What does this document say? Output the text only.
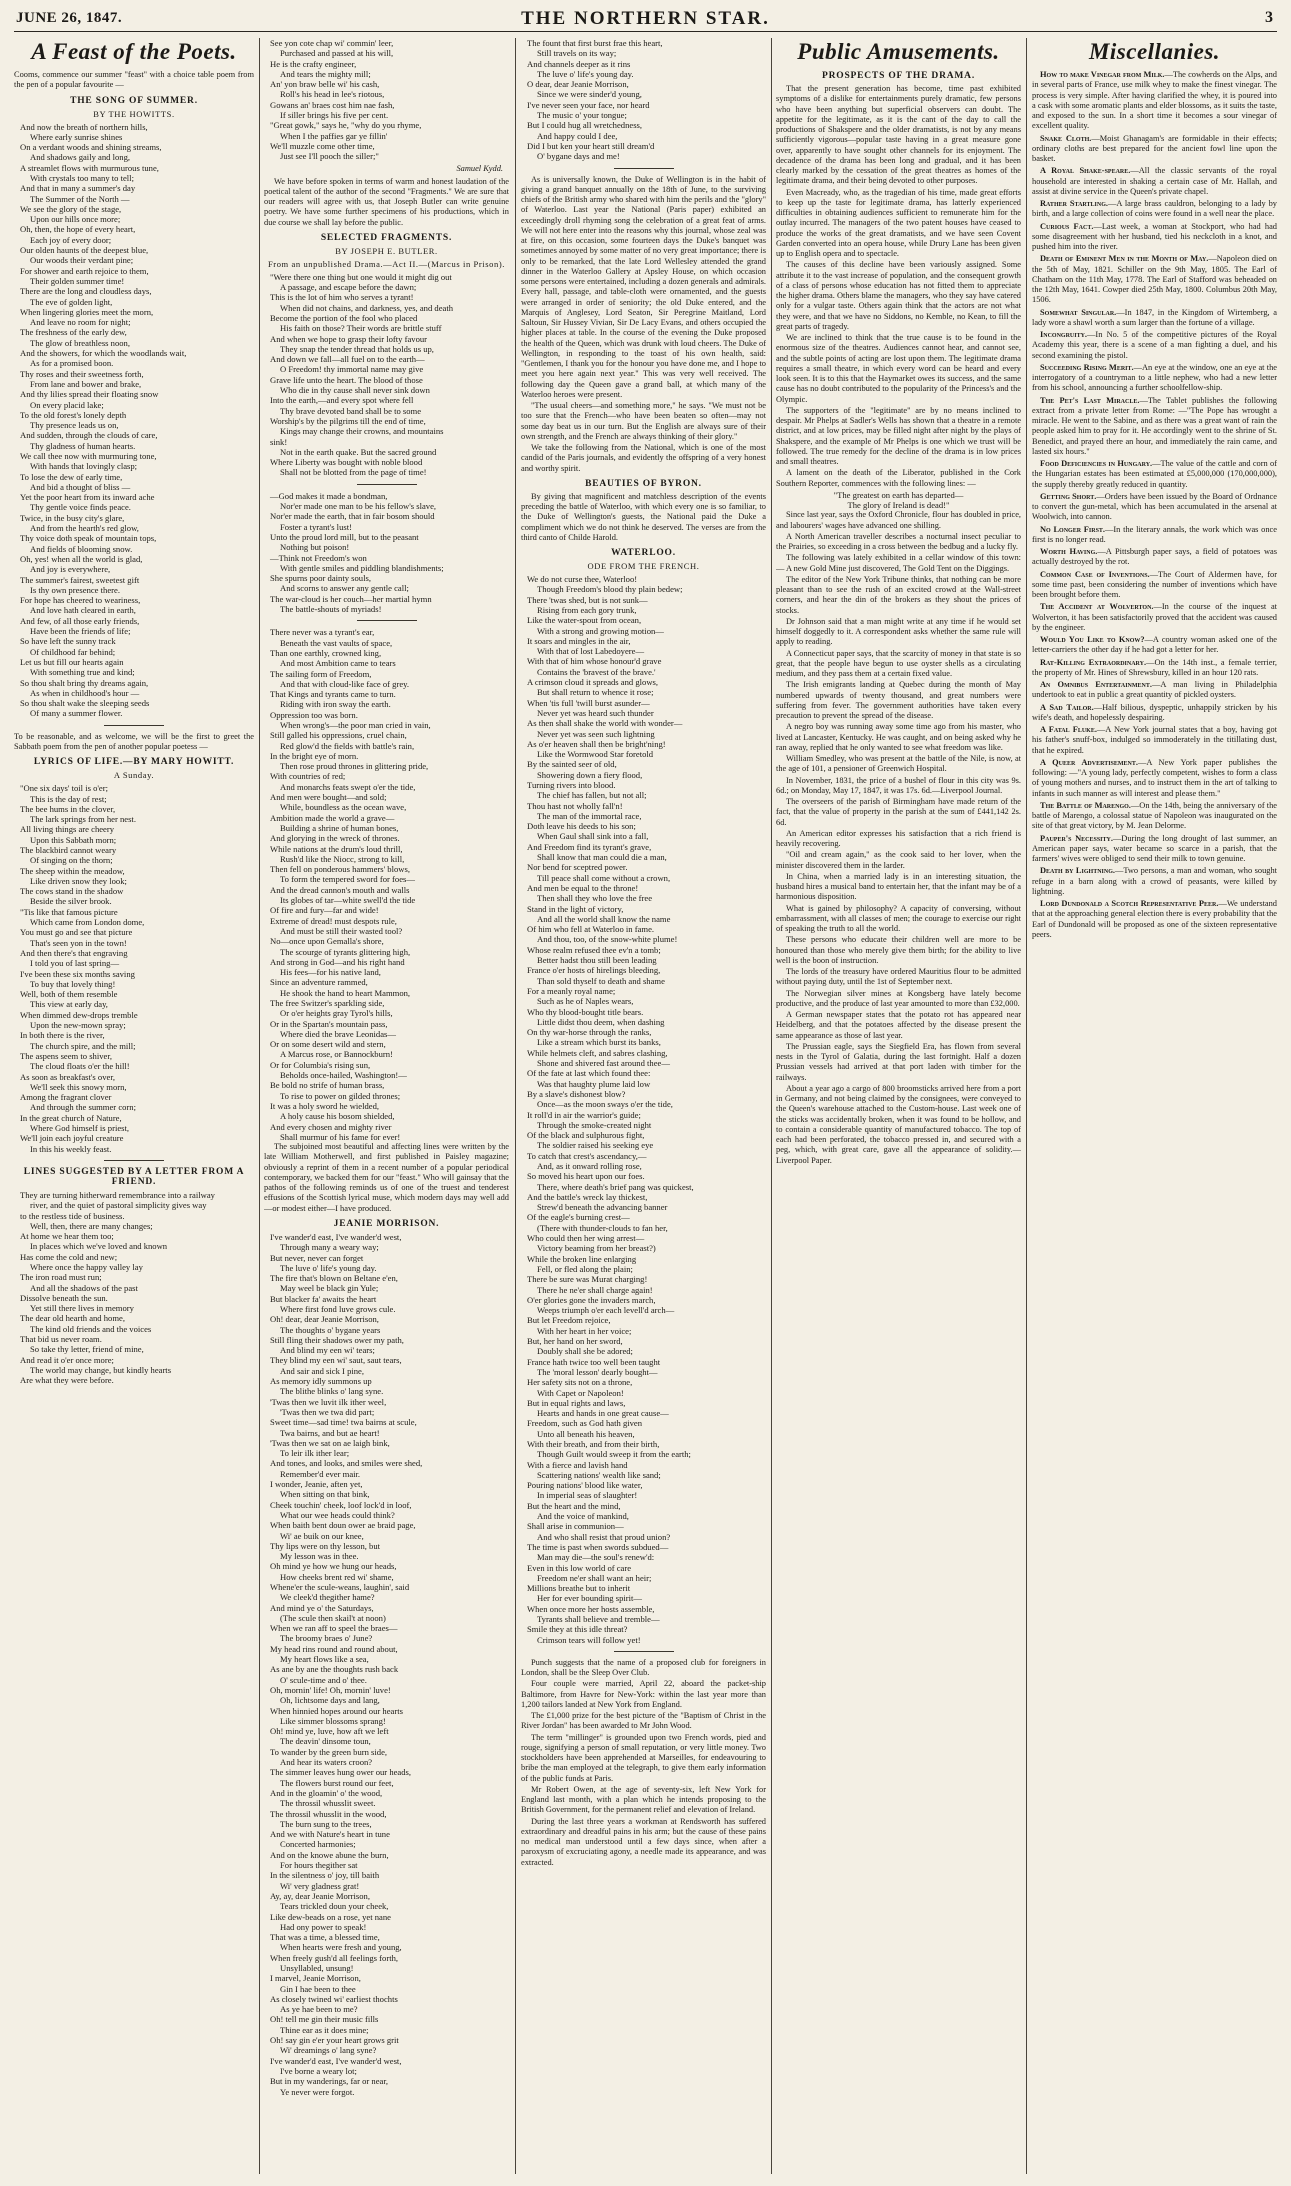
JUNE 26, 1847.	THE NORTHERN STAR.	3
A Feast of the Poets.
Cooms, commence our summer "feast" with a choice table poem from the pen of a popular favourite —
THE SONG OF SUMMER.
BY THE HOWITTS.

And now the breath of northern hills,

Where early sunrise shines

On a verdant woods and shining streams,

And shadows gaily and long,

A streamlet flows with murmurous tune,

With crystals too many to tell;

And that in many a summer's day

The Summer of the North —

We see the glory of the stage,

Upon our hills once more;

Oh, then, the hope of every heart,

Each joy of every door;

Our olden haunts of the deepest blue,

Our woods their verdant pine;

For shower and earth rejoice to them,

Their golden summer time!

There are the long and cloudless days,

The eve of golden light,

When lingering glories meet the morn,

And leave no room for night;

The freshness of the early dew,

The glow of breathless noon,

And the showers, for which the woodlands wait,

As for a promised boon.

Thy roses and their sweetness forth,

From lane and bower and brake,

And thy lilies spread their floating snow

On every placid lake;

To the old forest's lonely depth

Thy presence leads us on,

And sudden, through the clouds of care,

Thy gladness of human hearts.

We call thee now with murmuring tone,

With hands that lovingly clasp;

To lose the dew of early time,

And bid a thought of bliss —

Yet the poor heart from its inward ache

Thy gentle voice finds peace.

Twice, in the busy city's glare,

And from the hearth's red glow,

Thy voice doth speak of mountain tops,

And fields of blooming snow.

Oh, yes! when all the world is glad,

And joy is everywhere,

The summer's fairest, sweetest gift

Is thy own presence there.

For hope has cheered to weariness,

And love hath cleared in earth,

And few, of all those early friends,

Have been the friends of life;

So have left the sunny track

Of childhood far behind;

Let us but fill our hearts again

With something true and kind;

So thou shalt bring thy dreams again,

As when in childhood's hour —

So thou shalt wake the sleeping seeds

Of many a summer flower.

To be reasonable, and as welcome, we will be the first to greet the Sabbath poem from the pen of another popular poetess —
LYRICS OF LIFE.—BY MARY HOWITT.
A Sunday.

"One six days' toil is o'er;

This is the day of rest;

The bee hums in the clover,

The lark springs from her nest.

All living things are cheery

Upon this Sabbath morn;

The blackbird cannot weary

Of singing on the thorn;

The sheep within the meadow,

Like driven snow they look;

The cows stand in the shadow

Beside the silver brook.

"Tis like that famous picture

Which came from London dome,

You must go and see that picture

That's seen yon in the town!

And then there's that engraving

I told you of last spring—

I've been these six months saving

To buy that lovely thing!

Well, both of them resemble

This view at early day,

When dimmed dew-drops tremble

Upon the new-mown spray;

In both there is the river,

The church spire, and the mill;

The aspens seem to shiver,

The cloud floats o'er the hill!

As soon as breakfast's over,

We'll seek this snowy morn,

Among the fragrant clover

And through the summer corn;

In the great church of Nature,

Where God himself is priest,

We'll join each joyful creature

In this his weekly feast.

LINES SUGGESTED BY A LETTER FROM A FRIEND.

They are turning hitherward remembrance into a railway

river, and the quiet of pastoral simplicity gives way

to the restless tide of business.

Well, then, there are many changes;

At home we hear them too;

In places which we've loved and known

Has come the cold and new;

Where once the happy valley lay

The iron road must run;

And all the shadows of the past

Dissolve beneath the sun.

Yet still there lives in memory

The dear old hearth and home,

The kind old friends and the voices

That bid us never roam.

So take thy letter, friend of mine,

And read it o'er once more;

The world may change, but kindly hearts

Are what they were before.

See yon cote chap wi' commin' leer,

Purchased and passed at his will,

He is the crafty engineer,

And tears the mighty mill;

An' yon braw belle wi' his cash,

Roll's his head in lee's riotous,

Gowans an' braes cost him nae fash,

If siller brings his five per cent.

"Great gowk," says he, "why do you rhyme,

When I the paffies gar ye fillin'

We'll muzzle come other time,

Just see I'll pooch the siller;"

Samuel Kydd.

We have before spoken in terms of warm and honest laudation of the poetical talent of the author of the second "Fragments." We are sure that our readers will agree with us, that Joseph Butler can write genuine poetry. We have some further specimens of his productions, which in due course we shall lay before the public.

SELECTED FRAGMENTS.
BY JOSEPH E. BUTLER.
From an unpublished Drama.—Act II.—(Marcus in Prison).

"Were there one thing but one would it might dig out

A passage, and escape before the dawn;

This is the lot of him who serves a tyrant!

When did not chains, and darkness, yes, and death

Become the portion of the fool who placed

His faith on those? Their words are brittle stuff

And when we hope to grasp their lofty favour

They snap the tender thread that holds us up,

And down we fall—all fuel on to the earth—

O Freedom! thy immortal name may give

Grave life unto the heart. The blood of those

Who die in thy cause shall never sink down

Into the earth,—and every spot where fell

Thy brave devoted band shall be to some

Worship's by the pilgrims till the end of time,

Kings may change their crowns, and mountains

sink!

Not in the earth quake. But the sacred ground

Where Liberty was bought with noble blood

Shall not be blotted from the page of time!

—God makes it made a bondman,

Nor'er made one man to be his fellow's slave,

Nor'er made the earth, that in fair bosom should

Foster a tyrant's lust!

Unto the proud lord mill, but to the peasant

Nothing but poison!

—Think not Freedom's won

With gentle smiles and piddling blandishments;

She spurns poor dainty souls,

And scorns to answer any gentle call;

The war-cloud is her couch—her martial hymn

The battle-shouts of myriads!

There never was a tyrant's ear,

Beneath the vast vaults of space,

Than one earthly, crowned king,

And most Ambition came to tears

The sailing form of Freedom,

And that with cloud-like face of grey.

That Kings and tyrants came to turn.

Riding with iron sway the earth.

Oppression too was born.

When wrong's—the poor man cried in vain,

Still galled his oppressions, cruel chain,

Red glow'd the fields with battle's rain,

In the bright eye of morn.

Then rose proud thrones in glittering pride,

With countries of red;

And monarchs feats swept o'er the tide,

And men were bought—and sold;

While, boundless as the ocean wave,

Ambition made the world a grave—

Building a shrine of human bones,

And glorying in the wreck of thrones.

While nations at the drum's loud thrill,

Rush'd like the Niocc, strong to kill,

Then fell on ponderous hammers' blows,

To form the tempered sword for foes—

And the dread cannon's mouth and walls

Its globes of tar—white swell'd the tide

Of fire and fury—far and wide!

Extreme of dread! must despots rule,

And must be still their wasted tool?

No—once upon Gemalla's shore,

The scourge of tyrants glittering high,

And strong in God—and his right hand

His fees—for his native land,

Since an adventure rammed,

He shook the hand to heart Mammon,

The free Switzer's sparkling side,

Or o'er heights gray Tyrol's hills,

Or in the Spartan's mountain pass,

Where died the brave Leonidas—

Or on some desert wild and stern,

A Marcus rose, or Bannockburn!

Or for Columbia's rising sun,

Beholds once-hailed, Washington!—

Be bold no strife of human brass,

To rise to power on gilded thrones;

It was a holy sword he wielded,

A holy cause his bosom shielded,

And every chosen and mighty river

Shall murmur of his fame for ever!

The subjoined most beautiful and affecting lines were written by the late William Motherwell, and first published in Paisley magazine; obviously a reprint of them in a recent number of a popular periodical contemporary, we backed them for our "feast." Who will gainsay that the pathos of the following reminds us of one of the truest and tenderest effusions of the Scottish lyrical muse, which modern days may well add—or modest either—I have produced.

JEANIE MORRISON.

I've wander'd east, I've wander'd west,

Through many a weary way;

But never, never can forget

The luve o' life's young day.

The fire that's blown on Beltane e'en,

May weel be black gin Yule;

But blacker fa' awaits the heart

Where first fond luve grows cule.

Oh! dear, dear Jeanie Morrison,

The thoughts o' bygane years

Still fling their shadows ower my path,

And blind my een wi' tears;

They blind my een wi' saut, saut tears,

And sair and sick I pine,

As memory idly summons up

The blithe blinks o' lang syne.

'Twas then we luvit ilk ither weel,

'Twas then we twa did part;

Sweet time—sad time! twa bairns at scule,

Twa bairns, and but ae heart!

'Twas then we sat on ae laigh bink,

To leir ilk ither lear;

And tones, and looks, and smiles were shed,

Remember'd ever mair.

I wonder, Jeanie, aften yet,

When sitting on that bink,

Cheek touchin' cheek, loof lock'd in loof,

What our wee heads could think?

When baith bent doun ower ae braid page,

Wi' ae buik on our knee,

Thy lips were on thy lesson, but

My lesson was in thee.

Oh mind ye how we hung our heads,

How cheeks brent red wi' shame,

Whene'er the scule-weans, laughin', said

We cleek'd thegither hame?

And mind ye o' the Saturdays,

(The scule then skail't at noon)

When we ran aff to speel the braes—

The broomy braes o' June?

My head rins round and round about,

My heart flows like a sea,

As ane by ane the thoughts rush back

O' scule-time and o' thee.

Oh, mornin' life! Oh, mornin' luve!

Oh, lichtsome days and lang,

When hinnied hopes around our hearts

Like simmer blossoms sprang!

Oh! mind ye, luve, how aft we left

The deavin' dinsome toun,

To wander by the green burn side,

And hear its waters croon?

The simmer leaves hung ower our heads,

The flowers burst round our feet,

And in the gloamin' o' the wood,

The throssil whusslit sweet.

The throssil whusslit in the wood,

The burn sung to the trees,

And we with Nature's heart in tune

Concerted harmonies;

And on the knowe abune the burn,

For hours thegither sat

In the silentness o' joy, till baith

Wi' very gladness grat!

Ay, ay, dear Jeanie Morrison,

Tears trickled doun your cheek,

Like dew-beads on a rose, yet nane

Had ony power to speak!

That was a time, a blessed time,

When hearts were fresh and young,

When freely gush'd all feelings forth,

Unsyllabled, unsung!

I marvel, Jeanie Morrison,

Gin I hae been to thee

As closely twined wi' earliest thochts

As ye hae been to me?

Oh! tell me gin their music fills

Thine ear as it does mine;

Oh! say gin e'er your heart grows grit

Wi' dreamings o' lang syne?

I've wander'd east, I've wander'd west,

I've borne a weary lot;

But in my wanderings, far or near,

Ye never were forgot.

The fount that first burst frae this heart,

Still travels on its way;

And channels deeper as it rins

The luve o' life's young day.

O dear, dear Jeanie Morrison,

Since we were sinder'd young,

I've never seen your face, nor heard

The music o' your tongue;

But I could hug all wretchedness,

And happy could I dee,

Did I but ken your heart still dream'd

O' bygane days and me!

As is universally known, the Duke of Wellington is in the habit of giving a grand banquet annually on the 18th of June, to the surviving chiefs of the British army who shared with him the perils and the "glory" of Waterloo. Last year the National (Paris paper) exhibited an exceedingly droll rhyming song the celebration of a great feat of arms. We will not here enter into the reasons why this journal, whose zeal was at fire, on this occasion, some fourteen days the Duke's banquet was sometimes annoyed by some matter of no very great importance; there is only to be remarked, that the late Lord Wellesley attended the grand dinner in the Waterloo Gallery at Apsley House, on which occasion some persons were entertained, including a dozen generals and admirals. Every hall, passage, and table-cloth were ornamented, and the guests were arranged in order of seniority; the old Duke entered, and the Marquis of Anglesey, Lord Seaton, Sir Peregrine Maitland, Lord Saltoun, Sir Hussey Vivian, Sir De Lacy Evans, and others occupied the higher places at table. In the course of the evening the Duke proposed the health of the Queen, which was drunk with loud cheers. The Duke of Wellington, in responding to the toast of his own health, said: "Gentlemen, I thank you for the honour you have done me, and I hope to meet you here again next year." This was very well received. The following day the Queen gave a grand ball, at which many of the Waterloo heroes were present.

"The usual cheers—and something more," he says. "We must not be too sure that the French—who have been beaten so often—may not some day beat us in our turn. But the English are always sure of their own strength, and the French are always thinking of their glory."

We take the following from the National, which is one of the most candid of the Paris journals, and evidently the offspring of a very honest and worthy spirit.

BEAUTIES OF BYRON.

By giving that magnificent and matchless description of the events preceding the battle of Waterloo, with which every one is so familiar, to the Duke of Wellington's guests, the National paid the Duke a compliment which we do not think he deserved. The verses are from the third canto of Childe Harold.

WATERLOO.
ODE FROM THE FRENCH.

We do not curse thee, Waterloo!

Though Freedom's blood thy plain bedew;

There 'twas shed, but is not sunk—

Rising from each gory trunk,

Like the water-spout from ocean,

With a strong and growing motion—

It soars and mingles in the air,

With that of lost Labedoyere—

With that of him whose honour'd grave

Contains the 'bravest of the brave.'

A crimson cloud it spreads and glows,

But shall return to whence it rose;

When 'tis full 'twill burst asunder—

Never yet was heard such thunder

As then shall shake the world with wonder—

Never yet was seen such lightning

As o'er heaven shall then be bright'ning!

Like the Wormwood Star foretold

By the sainted seer of old,

Showering down a fiery flood,

Turning rivers into blood.

The chief has fallen, but not all;

Thou hast not wholly fall'n!

The man of the immortal race,

Doth leave his deeds to his son;

When Gaul shall sink into a fall,

And Freedom find its tyrant's grave,

Shall know that man could die a man,

Nor bend for sceptred power.

Till peace shall come without a crown,

And men be equal to the throne!

Then shall they who love the free

Stand in the light of victory,

And all the world shall know the name

Of him who fell at Waterloo in fame.

And thou, too, of the snow-white plume!

Whose realm refused thee ev'n a tomb;

Better hadst thou still been leading

France o'er hosts of hirelings bleeding,

Than sold thyself to death and shame

For a meanly royal name;

Such as he of Naples wears,

Who thy blood-bought title bears.

Little didst thou deem, when dashing

On thy war-horse through the ranks,

Like a stream which burst its banks,

While helmets cleft, and sabres clashing,

Shone and shivered fast around thee—

Of the fate at last which found thee:

Was that haughty plume laid low

By a slave's dishonest blow?

Once—as the moon sways o'er the tide,

It roll'd in air the warrior's guide;

Through the smoke-created night

Of the black and sulphurous fight,

The soldier raised his seeking eye

To catch that crest's ascendancy,—

And, as it onward rolling rose,

So moved his heart upon our foes.

There, where death's brief pang was quickest,

And the battle's wreck lay thickest,

Strew'd beneath the advancing banner

Of the eagle's burning crest—

(There with thunder-clouds to fan her,

Who could then her wing arrest—

Victory beaming from her breast?)

While the broken line enlarging

Fell, or fled along the plain;

There be sure was Murat charging!

There he ne'er shall charge again!

O'er glories gone the invaders march,

Weeps triumph o'er each levell'd arch—

But let Freedom rejoice,

With her heart in her voice;

But, her hand on her sword,

Doubly shall she be adored;

France hath twice too well been taught

The 'moral lesson' dearly bought—

Her safety sits not on a throne,

With Capet or Napoleon!

But in equal rights and laws,

Hearts and hands in one great cause—

Freedom, such as God hath given

Unto all beneath his heaven,

With their breath, and from their birth,

Though Guilt would sweep it from the earth;

With a fierce and lavish hand

Scattering nations' wealth like sand;

Pouring nations' blood like water,

In imperial seas of slaughter!

But the heart and the mind,

And the voice of mankind,

Shall arise in communion—

And who shall resist that proud union?

The time is past when swords subdued—

Man may die—the soul's renew'd:

Even in this low world of care

Freedom ne'er shall want an heir;

Millions breathe but to inherit

Her for ever bounding spirit—

When once more her hosts assemble,

Tyrants shall believe and tremble—

Smile they at this idle threat?

Crimson tears will follow yet!

Punch suggests that the name of a proposed club for foreigners in London, shall be the Sleep Over Club.

Four couple were married, April 22, aboard the packet-ship Baltimore, from Havre for New-York: within the last year more than 1,200 tailors landed at New York from England.

The £1,000 prize for the best picture of the "Baptism of Christ in the River Jordan" has been awarded to Mr John Wood.

The term "millinger" is grounded upon two French words, pied and rouge, signifying a person of small reputation, or very little money. Two stockholders have been apprehended at Marseilles, for endeavouring to bribe the man employed at the telegraph, to give them early information of the public funds at Paris.

Mr Robert Owen, at the age of seventy-six, left New York for England last month, with a plan which he intends proposing to the British Government, for the permanent relief and elevation of Ireland.

During the last three years a workman at Rendsworth has suffered extraordinary and dreadful pains in his arm; but the cause of these pains no medical man understood until a few days since, when after a paroxysm of excruciating agony, a needle made its appearance, and was extracted.

Public Amusements.
PROSPECTS OF THE DRAMA.

That the present generation has become, time past exhibited symptoms of a dislike for entertainments purely dramatic, few persons who have been anything but superficial observers can doubt. The appetite for the legitimate, as it is the cant of the day to call the productions of Shakspere and the older dramatists, is not by any means sufficiently vigorous—popular taste having in a great measure gone over, apparently to have sought other channels for its enjoyment. The decadence of the drama has been long and gradual, and it has been clearly marked by the cessation of the great theatres as homes of the legitimate drama, and their being devoted to other purposes.

Even Macready, who, as the tragedian of his time, made great efforts to keep up the taste for legitimate drama, has latterly experienced difficulties in obtaining audiences sufficient to remunerate him for the outlay incurred. The managers of the two patent houses have ceased to produce the works of the great dramatists, and we have seen Covent Garden converted into an opera house, while Drury Lane has been given up to English opera and to spectacle.

The causes of this decline have been variously assigned. Some attribute it to the vast increase of population, and the consequent growth of a class of persons whose education has not fitted them to appreciate the higher drama. Others blame the managers, who they say have catered only for a vulgar taste. Others again think that the actors are not what they were, and that we have no Siddons, no Kemble, no Kean, to fill the great parts of tragedy.

We are inclined to think that the true cause is to be found in the enormous size of the theatres. Audiences cannot hear, and cannot see, and the subtle points of acting are lost upon them. The legitimate drama requires a small theatre, in which every word can be heard and every look seen. It is to this that the Haymarket owes its success, and the same cause has no doubt contributed to the popularity of the Princess's and the Olympic.

The supporters of the "legitimate" are by no means inclined to despair. Mr Phelps at Sadler's Wells has shown that a theatre in a remote district, and at low prices, may be filled night after night by the plays of Shakspere, and the example of Mr Phelps is one which we trust will be followed. The true remedy for the decline of the drama is in low prices and small theatres.

A lament on the death of the Liberator, published in the Cork Southern Reporter, commences with the following lines: —

"The greatest on earth has departed—
The glory of Ireland is dead!"

Since last year, says the Oxford Chronicle, flour has doubled in price, and labourers' wages have advanced one shilling.

A North American traveller describes a nocturnal insect peculiar to the Prairies, so exceeding in a cross between the bedbug and a lucky fly.

The following was lately exhibited in a cellar window of this town: — A new Gold Mine just discovered, The Gold Tent on the Diggings.

The editor of the New York Tribune thinks, that nothing can be more pleasant than to see the rush of an excited crowd at the Wall-street corners, and hear the din of the brokers as they shout the prices of stocks.

Dr Johnson said that a man might write at any time if he would set himself doggedly to it. A correspondent asks whether the same rule will apply to reading.

A Connecticut paper says, that the scarcity of money in that state is so great, that the people have begun to use oyster shells as a circulating medium, and they pass them at a certain fixed value.

The Irish emigrants landing at Quebec during the month of May numbered upwards of twenty thousand, and great numbers were suffering from fever. The government authorities have taken every precaution to prevent the spread of the disease.

A negro boy was running away some time ago from his master, who lived at Lancaster, Kentucky. He was caught, and on being asked why he ran away, replied that he only wanted to see what freedom was like.

William Smedley, who was present at the battle of the Nile, is now, at the age of 101, a pensioner of Greenwich Hospital.

In November, 1831, the price of a bushel of flour in this city was 9s. 6d.; on Monday, May 17, 1847, it was 17s. 6d.—Liverpool Journal.

The overseers of the parish of Birmingham have made return of the fact, that the value of property in the parish at the sum of £441,142 2s. 6d.

An American editor expresses his satisfaction that a rich friend is heavily recovering.

"Oil and cream again," as the cook said to her lover, when the minister discovered them in the larder.

In China, when a married lady is in an interesting situation, the husband hires a musical band to entertain her, that the infant may be of a harmonious disposition.

What is gained by philosophy? A capacity of conversing, without embarrassment, with all classes of men; the courage to exercise our right of speaking the truth to all the world.

These persons who educate their children well are more to be honoured than those who merely give them birth; for the ability to live well is the boon of instruction.

The lords of the treasury have ordered Mauritius flour to be admitted without paying duty, until the 1st of September next.

The Norwegian silver mines at Kongsberg have lately become productive, and the produce of last year amounted to more than £32,000.

A German newspaper states that the potato rot has appeared near Heidelberg, and that the potatoes affected by the disease present the same appearance as those of last year.

The Prussian eagle, says the Siegfield Era, has flown from several nests in the Tyrol of Galatia, during the last fortnight. Half a dozen Prussian vessels had arrived at that port laden with timber for the railways.

About a year ago a cargo of 800 broomsticks arrived here from a port in Germany, and not being claimed by the consignees, were conveyed to the Queen's warehouse attached to the Custom-house. Last week one of the sticks was accidentally broken, when it was found to be hollow, and to contain a considerable quantity of manufactured tobacco. The top of each had been perforated, the tobacco pressed in, and secured with a peg, which, with great care, gave all the appearance of solidity.—Liverpool Paper.

Miscellanies.

How to make Vinegar from Milk.—The cowherds on the Alps, and in several parts of France, use milk whey to make the finest vinegar. The process is very simple. After having clarified the whey, it is poured into a cask with some aromatic plants and elder blossoms, as it suits the taste, and exposed to the sun. In a short time it becomes a sour vinegar of excellent quality.

Snake Cloth.—Moist Ghanagam's are formidable in their effects; ordinary cloths are best prepared for the ancient fowl line upon the basket.

A Royal Shake-speare.—All the classic servants of the royal household are interested in shaking a certain case of Mr. Hallah, and assist at divine service in the Queen's private chapel.

Rather Startling.—A large brass cauldron, belonging to a lady by birth, and a large collection of coins were found in a well near the place.

Curious Fact.—Last week, a woman at Stockport, who had had some disagreement with her husband, tied his neckcloth in a knot, and pushed him into the river.

Death of Eminent Men in the Month of May.—Napoleon died on the 5th of May, 1821. Schiller on the 9th May, 1805. The Earl of Chatham on the 11th May, 1778. The Earl of Stafford was beheaded on the 12th May, 1641. Cowper died 25th May, 1800. Columbus 20th May, 1506.

Somewhat Singular.—In 1847, in the Kingdom of Wirtemberg, a lady wore a shawl worth a sum larger than the fortune of a village.

Incongruity.—In No. 5 of the competitive pictures of the Royal Academy this year, there is a scene of a man fighting a duel, and his second examining the pistol.

Succeeding Rising Merit.—An eye at the window, one an eye at the interrogatory of a countryman to a little nephew, who had a new letter from his school, announcing a further schoolfellow-ship.

The Pet's Last Miracle.—The Tablet publishes the following extract from a private letter from Rome: —"The Pope has wrought a miracle. He went to the Sabine, and as there was a great want of rain the people asked him to pray for it. He accordingly went to the shrine of St. Benedict, and prayed there an hour, and immediately the rain came, and lasted six hours."

Food Deficiencies in Hungary.—The value of the cattle and corn of the Hungarian estates has been estimated at £5,000,000 (170,000,000), the supply thereby greatly reduced in quantity.

Getting Short.—Orders have been issued by the Board of Ordnance to convert the gun-metal, which has been accumulated in the arsenal at Woolwich, into cannon.

No Longer First.—In the literary annals, the work which was once first is no longer read.

Worth Having.—A Pittsburgh paper says, a field of potatoes was actually destroyed by the rot.

Common Case of Inventions.—The Court of Aldermen have, for some time past, been considering the number of inventions which have been brought before them.

The Accident at Wolverton.—In the course of the inquest at Wolverton, it has been satisfactorily proved that the accident was caused by the engineer.

Would You Like to Know?—A country woman asked one of the letter-carriers the other day if he had got a letter for her.

Rat-Killing Extraordinary.—On the 14th inst., a female terrier, the property of Mr. Hines of Shrewsbury, killed in an hour 120 rats.

An Omnibus Entertainment.—A man living in Philadelphia undertook to eat in public a great quantity of pickled oysters.

A Sad Tailor.—Half bilious, dyspeptic, unhappily stricken by his wife's death, and hopelessly despairing.

A Fatal Fluke.—A New York journal states that a boy, having got his father's snuff-box, indulged so immoderately in the titillating dust, that he expired.

A Queer Advertisement.—A New York paper publishes the following: —"A young lady, perfectly competent, wishes to form a class of young mothers and nurses, and to instruct them in the art of talking to infants in such manner as will interest and please them."

The Battle of Marengo.—On the 14th, being the anniversary of the battle of Marengo, a colossal statue of Napoleon was inaugurated on the site of that great victory, by M. Jean Delorme.

Pauper's Necessity.—During the long drought of last summer, an American paper says, water became so scarce in a parish, that the farmers' wives were obliged to send their milk to town genuine.

Death by Lightning.—Two persons, a man and woman, who sought refuge in a barn along with a crowd of peasants, were killed by lightning.

Lord Dundonald a Scotch Representative Peer.—We understand that at the approaching general election there is every probability that the Earl of Dundonald will be proposed as one of the sixteen representative peers.
